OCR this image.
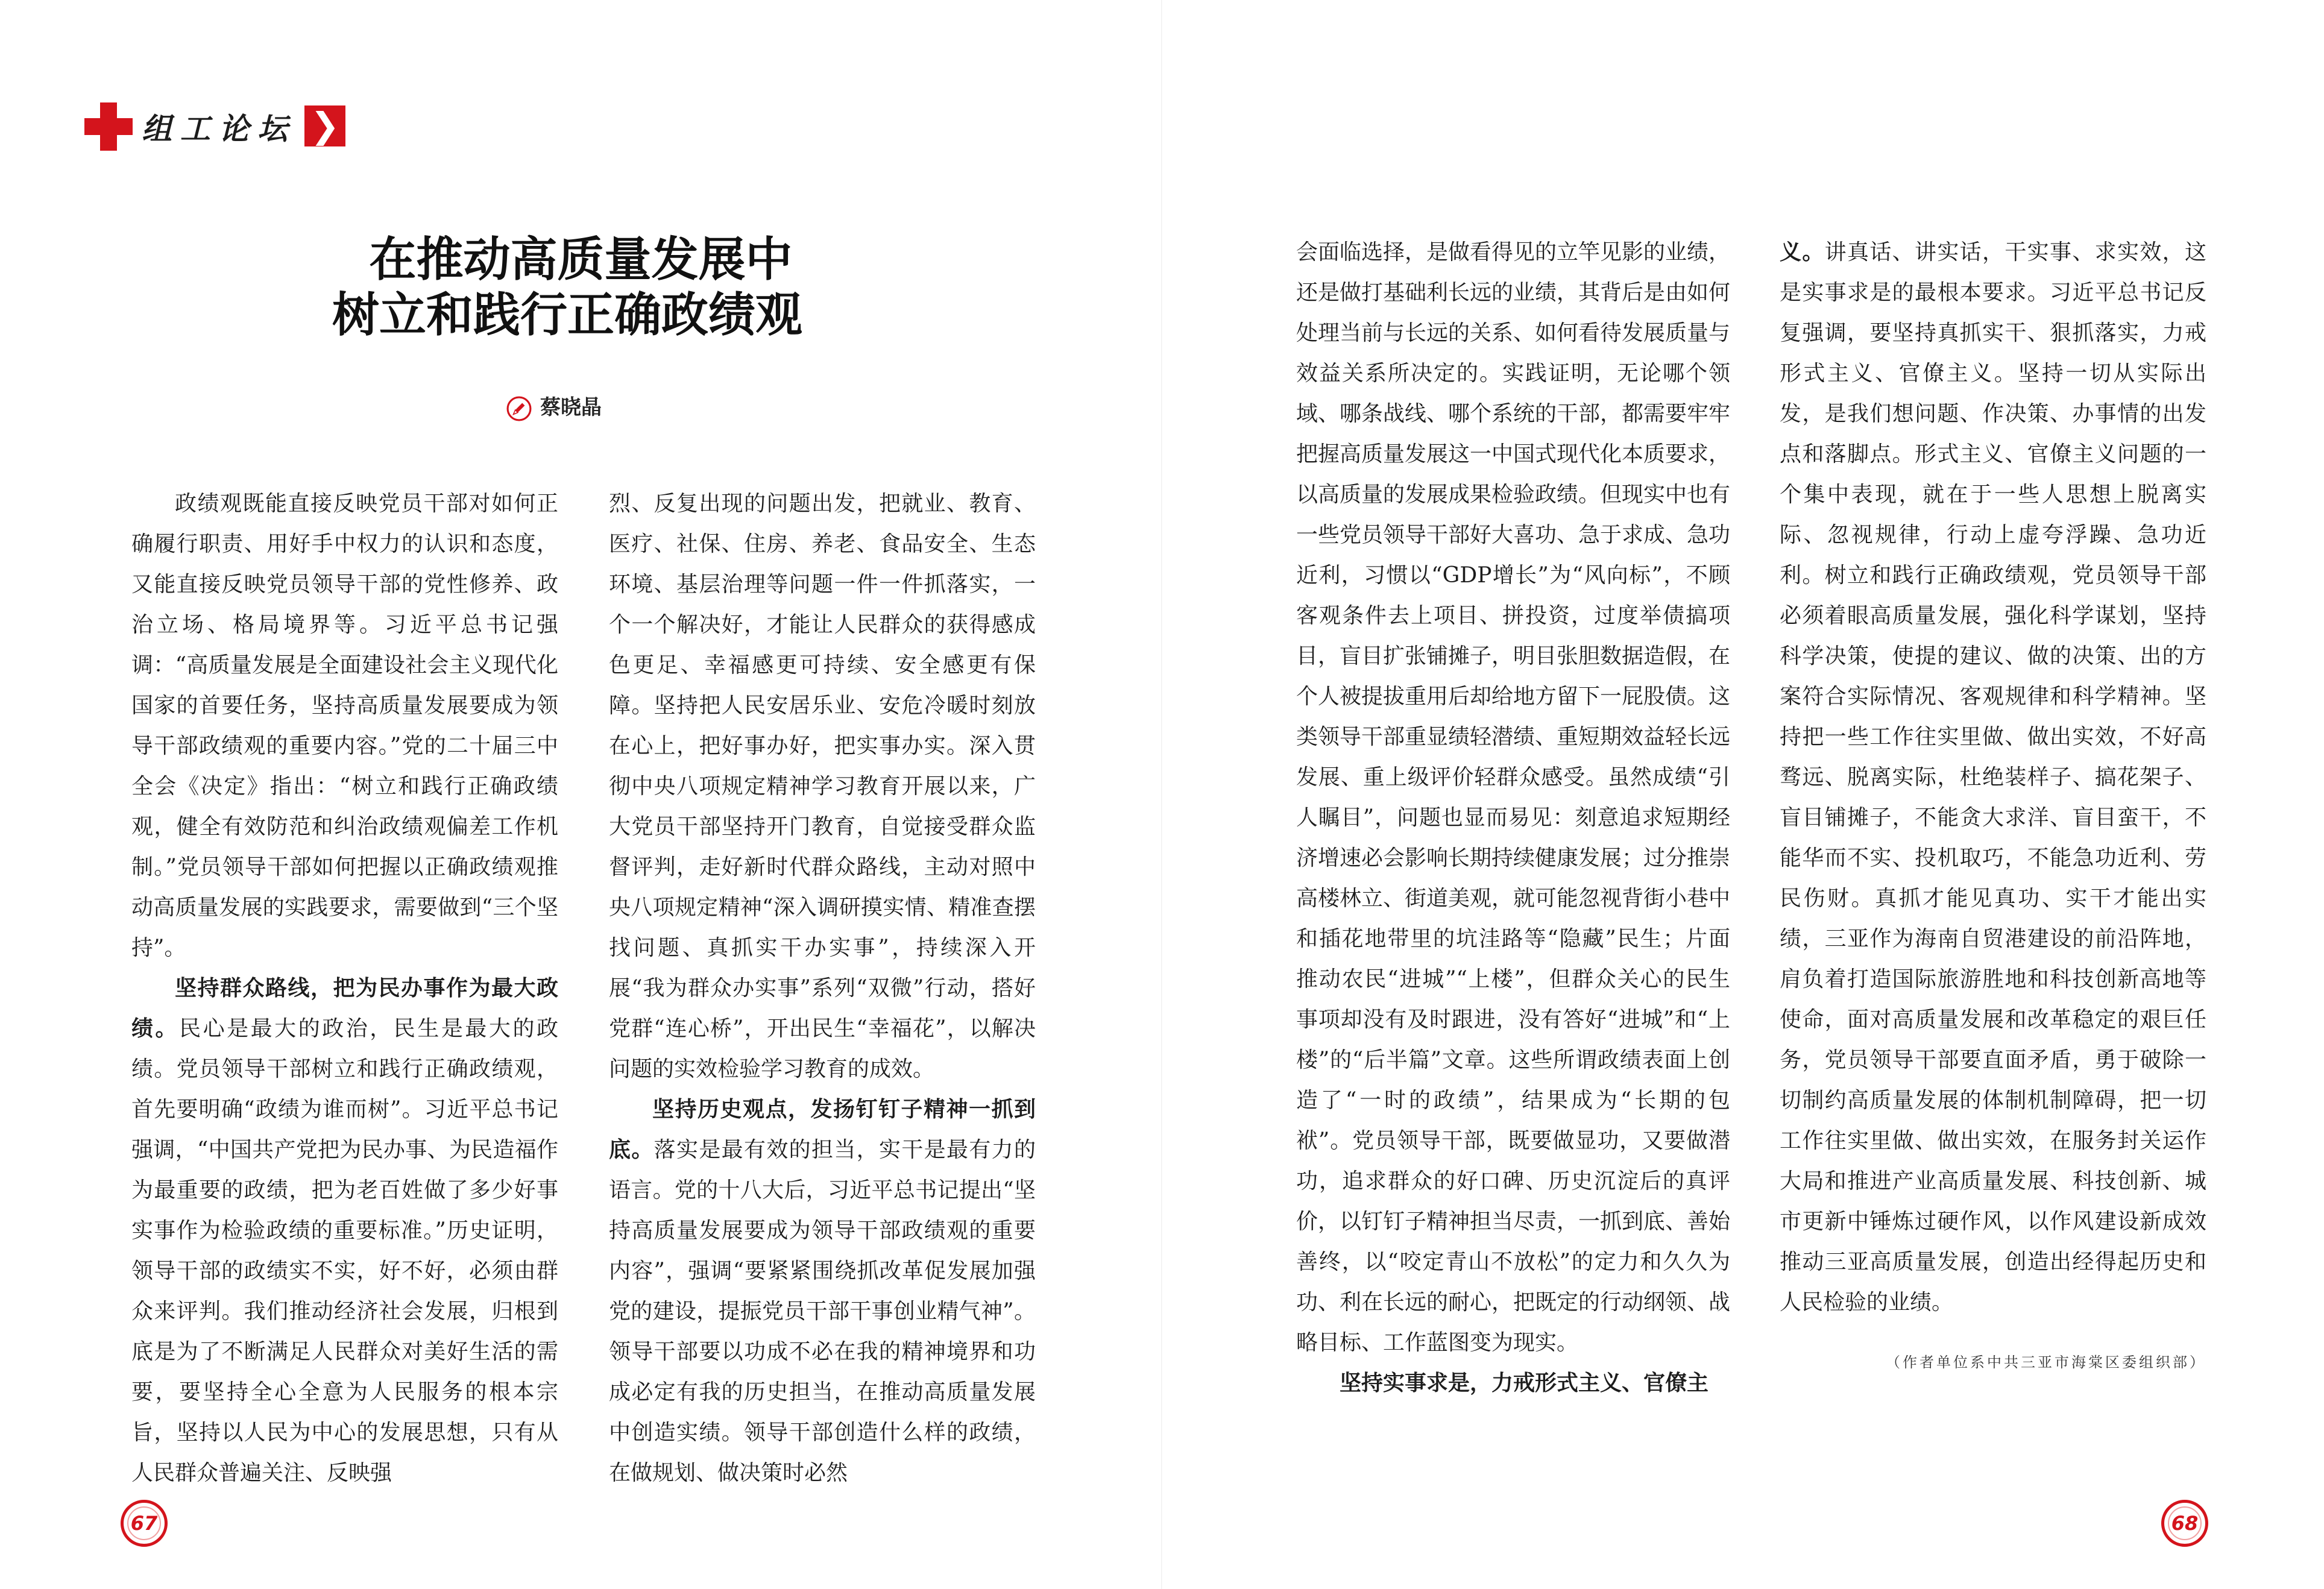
组工论坛 ❯
在推动高质量发展中
树立和践行正确政绩观
蔡晓晶

政绩观既能直接反映党员干部对如何正确履行职责、用好手中权力的认识和态度，又能直接反映党员领导干部的党性修养、政治立场、格局境界等。习近平总书记强调：“高质量发展是全面建设社会主义现代化国家的首要任务，坚持高质量发展要成为领导干部政绩观的重要内容。”党的二十届三中全会《决定》指出：“树立和践行正确政绩观，健全有效防范和纠治政绩观偏差工作机制。”党员领导干部如何把握以正确政绩观推动高质量发展的实践要求，需要做到“三个坚持”。

坚持群众路线，把为民办事作为最大政绩。民心是最大的政治，民生是最大的政绩。党员领导干部树立和践行正确政绩观，首先要明确“政绩为谁而树”。习近平总书记强调，“中国共产党把为民办事、为民造福作为最重要的政绩，把为老百姓做了多少好事实事作为检验政绩的重要标准。”历史证明，领导干部的政绩实不实，好不好，必须由群众来评判。我们推动经济社会发展，归根到底是为了不断满足人民群众对美好生活的需要，要坚持全心全意为人民服务的根本宗旨，坚持以人民为中心的发展思想，只有从人民群众普遍关注、反映强

烈、反复出现的问题出发，把就业、教育、医疗、社保、住房、养老、食品安全、生态环境、基层治理等问题一件一件抓落实，一个一个解决好，才能让人民群众的获得感成色更足、幸福感更可持续、安全感更有保障。坚持把人民安居乐业、安危冷暖时刻放在心上，把好事办好，把实事办实。深入贯彻中央八项规定精神学习教育开展以来，广大党员干部坚持开门教育，自觉接受群众监督评判，走好新时代群众路线，主动对照中央八项规定精神“深入调研摸实情、精准查摆找问题、真抓实干办实事”，持续深入开展“我为群众办实事”系列“双微”行动，搭好党群“连心桥”，开出民生“幸福花”，以解决问题的实效检验学习教育的成效。

坚持历史观点，发扬钉钉子精神一抓到底。落实是最有效的担当，实干是最有力的语言。党的十八大后，习近平总书记提出“坚持高质量发展要成为领导干部政绩观的重要内容”，强调“要紧紧围绕抓改革促发展加强党的建设，提振党员干部干事创业精气神”。领导干部要以功成不必在我的精神境界和功成必定有我的历史担当，在推动高质量发展中创造实绩。领导干部创造什么样的政绩，在做规划、做决策时必然

67

会面临选择，是做看得见的立竿见影的业绩，还是做打基础利长远的业绩，其背后是由如何处理当前与长远的关系、如何看待发展质量与效益关系所决定的。实践证明，无论哪个领域、哪条战线、哪个系统的干部，都需要牢牢把握高质量发展这一中国式现代化本质要求，以高质量的发展成果检验政绩。但现实中也有一些党员领导干部好大喜功、急于求成、急功近利，习惯以“GDP增长”为“风向标”，不顾客观条件去上项目、拼投资，过度举债搞项目，盲目扩张铺摊子，明目张胆数据造假，在个人被提拔重用后却给地方留下一屁股债。这类领导干部重显绩轻潜绩、重短期效益轻长远发展、重上级评价轻群众感受。虽然成绩“引人瞩目”，问题也显而易见：刻意追求短期经济增速必会影响长期持续健康发展；过分推崇高楼林立、街道美观，就可能忽视背街小巷中和插花地带里的坑洼路等“隐藏”民生；片面推动农民“进城”“上楼”，但群众关心的民生事项却没有及时跟进，没有答好“进城”和“上楼”的“后半篇”文章。这些所谓政绩表面上创造了“一时的政绩”，结果成为“长期的包袱”。党员领导干部，既要做显功，又要做潜功，追求群众的好口碑、历史沉淀后的真评价，以钉钉子精神担当尽责，一抓到底、善始善终，以“咬定青山不放松”的定力和久久为功、利在长远的耐心，把既定的行动纲领、战略目标、工作蓝图变为现实。

坚持实事求是，力戒形式主义、官僚主

义。讲真话、讲实话，干实事、求实效，这是实事求是的最根本要求。习近平总书记反复强调，要坚持真抓实干、狠抓落实，力戒形式主义、官僚主义。坚持一切从实际出发，是我们想问题、作决策、办事情的出发点和落脚点。形式主义、官僚主义问题的一个集中表现，就在于一些人思想上脱离实际、忽视规律，行动上虚夸浮躁、急功近利。树立和践行正确政绩观，党员领导干部必须着眼高质量发展，强化科学谋划，坚持科学决策，使提的建议、做的决策、出的方案符合实际情况、客观规律和科学精神。坚持把一些工作往实里做、做出实效，不好高骛远、脱离实际，杜绝装样子、搞花架子、盲目铺摊子，不能贪大求洋、盲目蛮干，不能华而不实、投机取巧，不能急功近利、劳民伤财。真抓才能见真功、实干才能出实绩，三亚作为海南自贸港建设的前沿阵地，肩负着打造国际旅游胜地和科技创新高地等使命，面对高质量发展和改革稳定的艰巨任务，党员领导干部要直面矛盾，勇于破除一切制约高质量发展的体制机制障碍，把一切工作往实里做、做出实效，在服务封关运作大局和推进产业高质量发展、科技创新、城市更新中锤炼过硬作风，以作风建设新成效推动三亚高质量发展，创造出经得起历史和人民检验的业绩。

（作者单位系中共三亚市海棠区委组织部）
68
